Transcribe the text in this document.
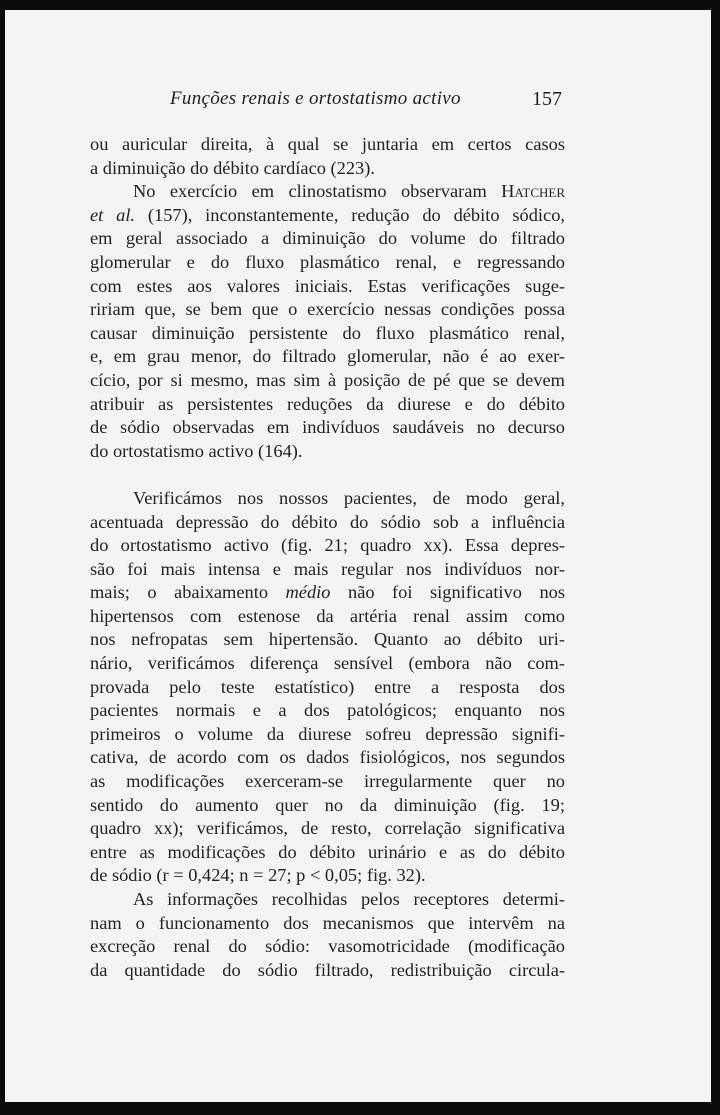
Funções renais e ortostatismo activo	157
ou auricular direita, à qual se juntaria em certos casos
a diminuição do débito cardíaco (223).
No exercício em clinostatismo observaram Hatcher
et al. (157), inconstantemente, redução do débito sódico,
em geral associado a diminuição do volume do filtrado
glomerular e do fluxo plasmático renal, e regressando
com estes aos valores iniciais. Estas verificações suge-
ririam que, se bem que o exercício nessas condições possa
causar diminuição persistente do fluxo plasmático renal,
e, em grau menor, do filtrado glomerular, não é ao exer-
cício, por si mesmo, mas sim à posição de pé que se devem
atribuir as persistentes reduções da diurese e do débito
de sódio observadas em indivíduos saudáveis no decurso
do ortostatismo activo (164).
Verificámos nos nossos pacientes, de modo geral,
acentuada depressão do débito do sódio sob a influência
do ortostatismo activo (fig. 21; quadro xx). Essa depres-
são foi mais intensa e mais regular nos indivíduos nor-
mais; o abaixamento médio não foi significativo nos
hipertensos com estenose da artéria renal assim como
nos nefropatas sem hipertensão. Quanto ao débito uri-
nário, verificámos diferença sensível (embora não com-
provada pelo teste estatístico) entre a resposta dos
pacientes normais e a dos patológicos; enquanto nos
primeiros o volume da diurese sofreu depressão signifi-
cativa, de acordo com os dados fisiológicos, nos segundos
as modificações exerceram-se irregularmente quer no
sentido do aumento quer no da diminuição (fig. 19;
quadro xx); verificámos, de resto, correlação significativa
entre as modificações do débito urinário e as do débito
de sódio (r = 0,424; n = 27; p < 0,05; fig. 32).
As informações recolhidas pelos receptores determi-
nam o funcionamento dos mecanismos que intervêm na
excreção renal do sódio: vasomotricidade (modificação
da quantidade do sódio filtrado, redistribuição circula-
